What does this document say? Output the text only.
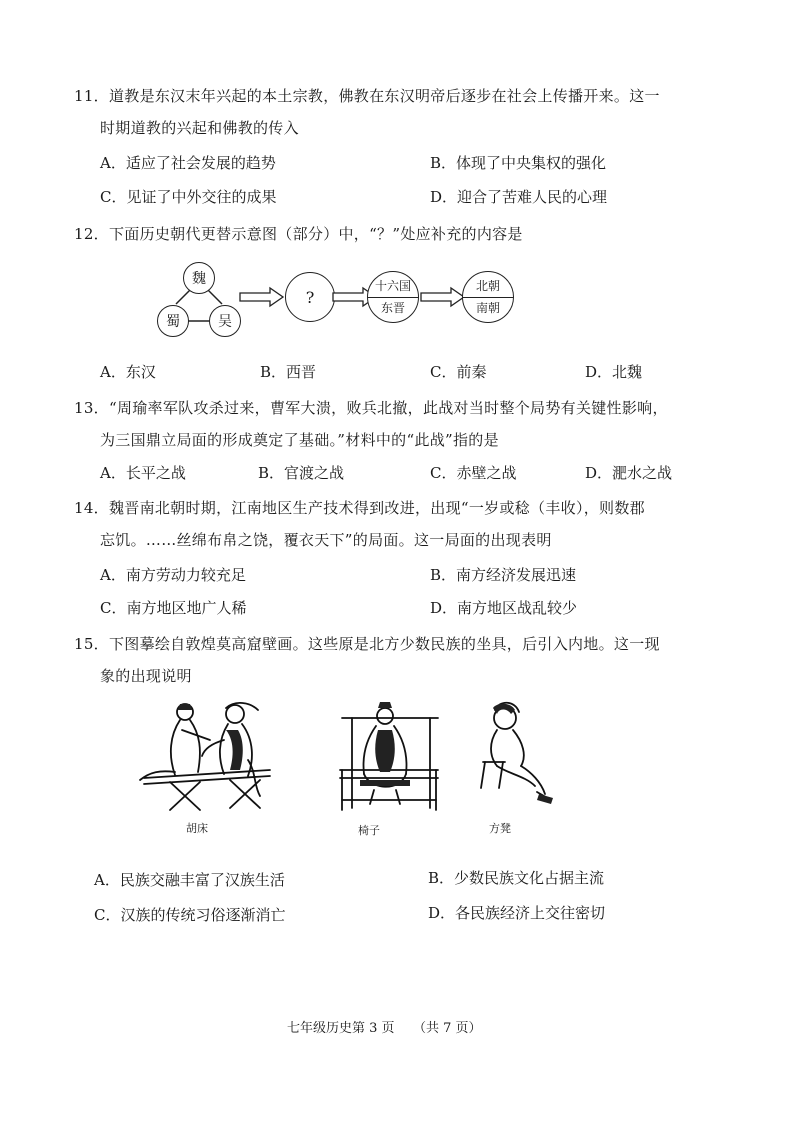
11．道教是东汉末年兴起的本土宗教，佛教在东汉明帝后逐步在社会上传播开来。这一
时期道教的兴起和佛教的传入
A．适应了社会发展的趋势	B．体现了中央集权的强化
C．见证了中外交往的成果	D．迎合了苦难人民的心理
12．下面历史朝代更替示意图（部分）中，“？”处应补充的内容是
魏
蜀	吴
?
十六国
东晋
北朝
南朝
A．东汉	B．西晋	C．前秦	D．北魏
13．“周瑜率军队攻杀过来，曹军大溃，败兵北撤，此战对当时整个局势有关键性影响，
为三国鼎立局面的形成奠定了基础。”材料中的“此战”指的是
A．长平之战	B．官渡之战	C．赤壁之战	D．淝水之战
14．魏晋南北朝时期，江南地区生产技术得到改进，出现“一岁或稔（丰收），则数郡
忘饥。……丝绵布帛之饶，覆衣天下”的局面。这一局面的出现表明
A．南方劳动力较充足	B．南方经济发展迅速
C．南方地区地广人稀	D．南方地区战乱较少
15．下图摹绘自敦煌莫高窟壁画。这些原是北方少数民族的坐具，后引入内地。这一现
象的出现说明
胡床	椅子	方凳
A．民族交融丰富了汉族生活	B．少数民族文化占据主流
C．汉族的传统习俗逐渐消亡	D．各民族经济上交往密切
七年级历史第 3 页 （共 7 页）
